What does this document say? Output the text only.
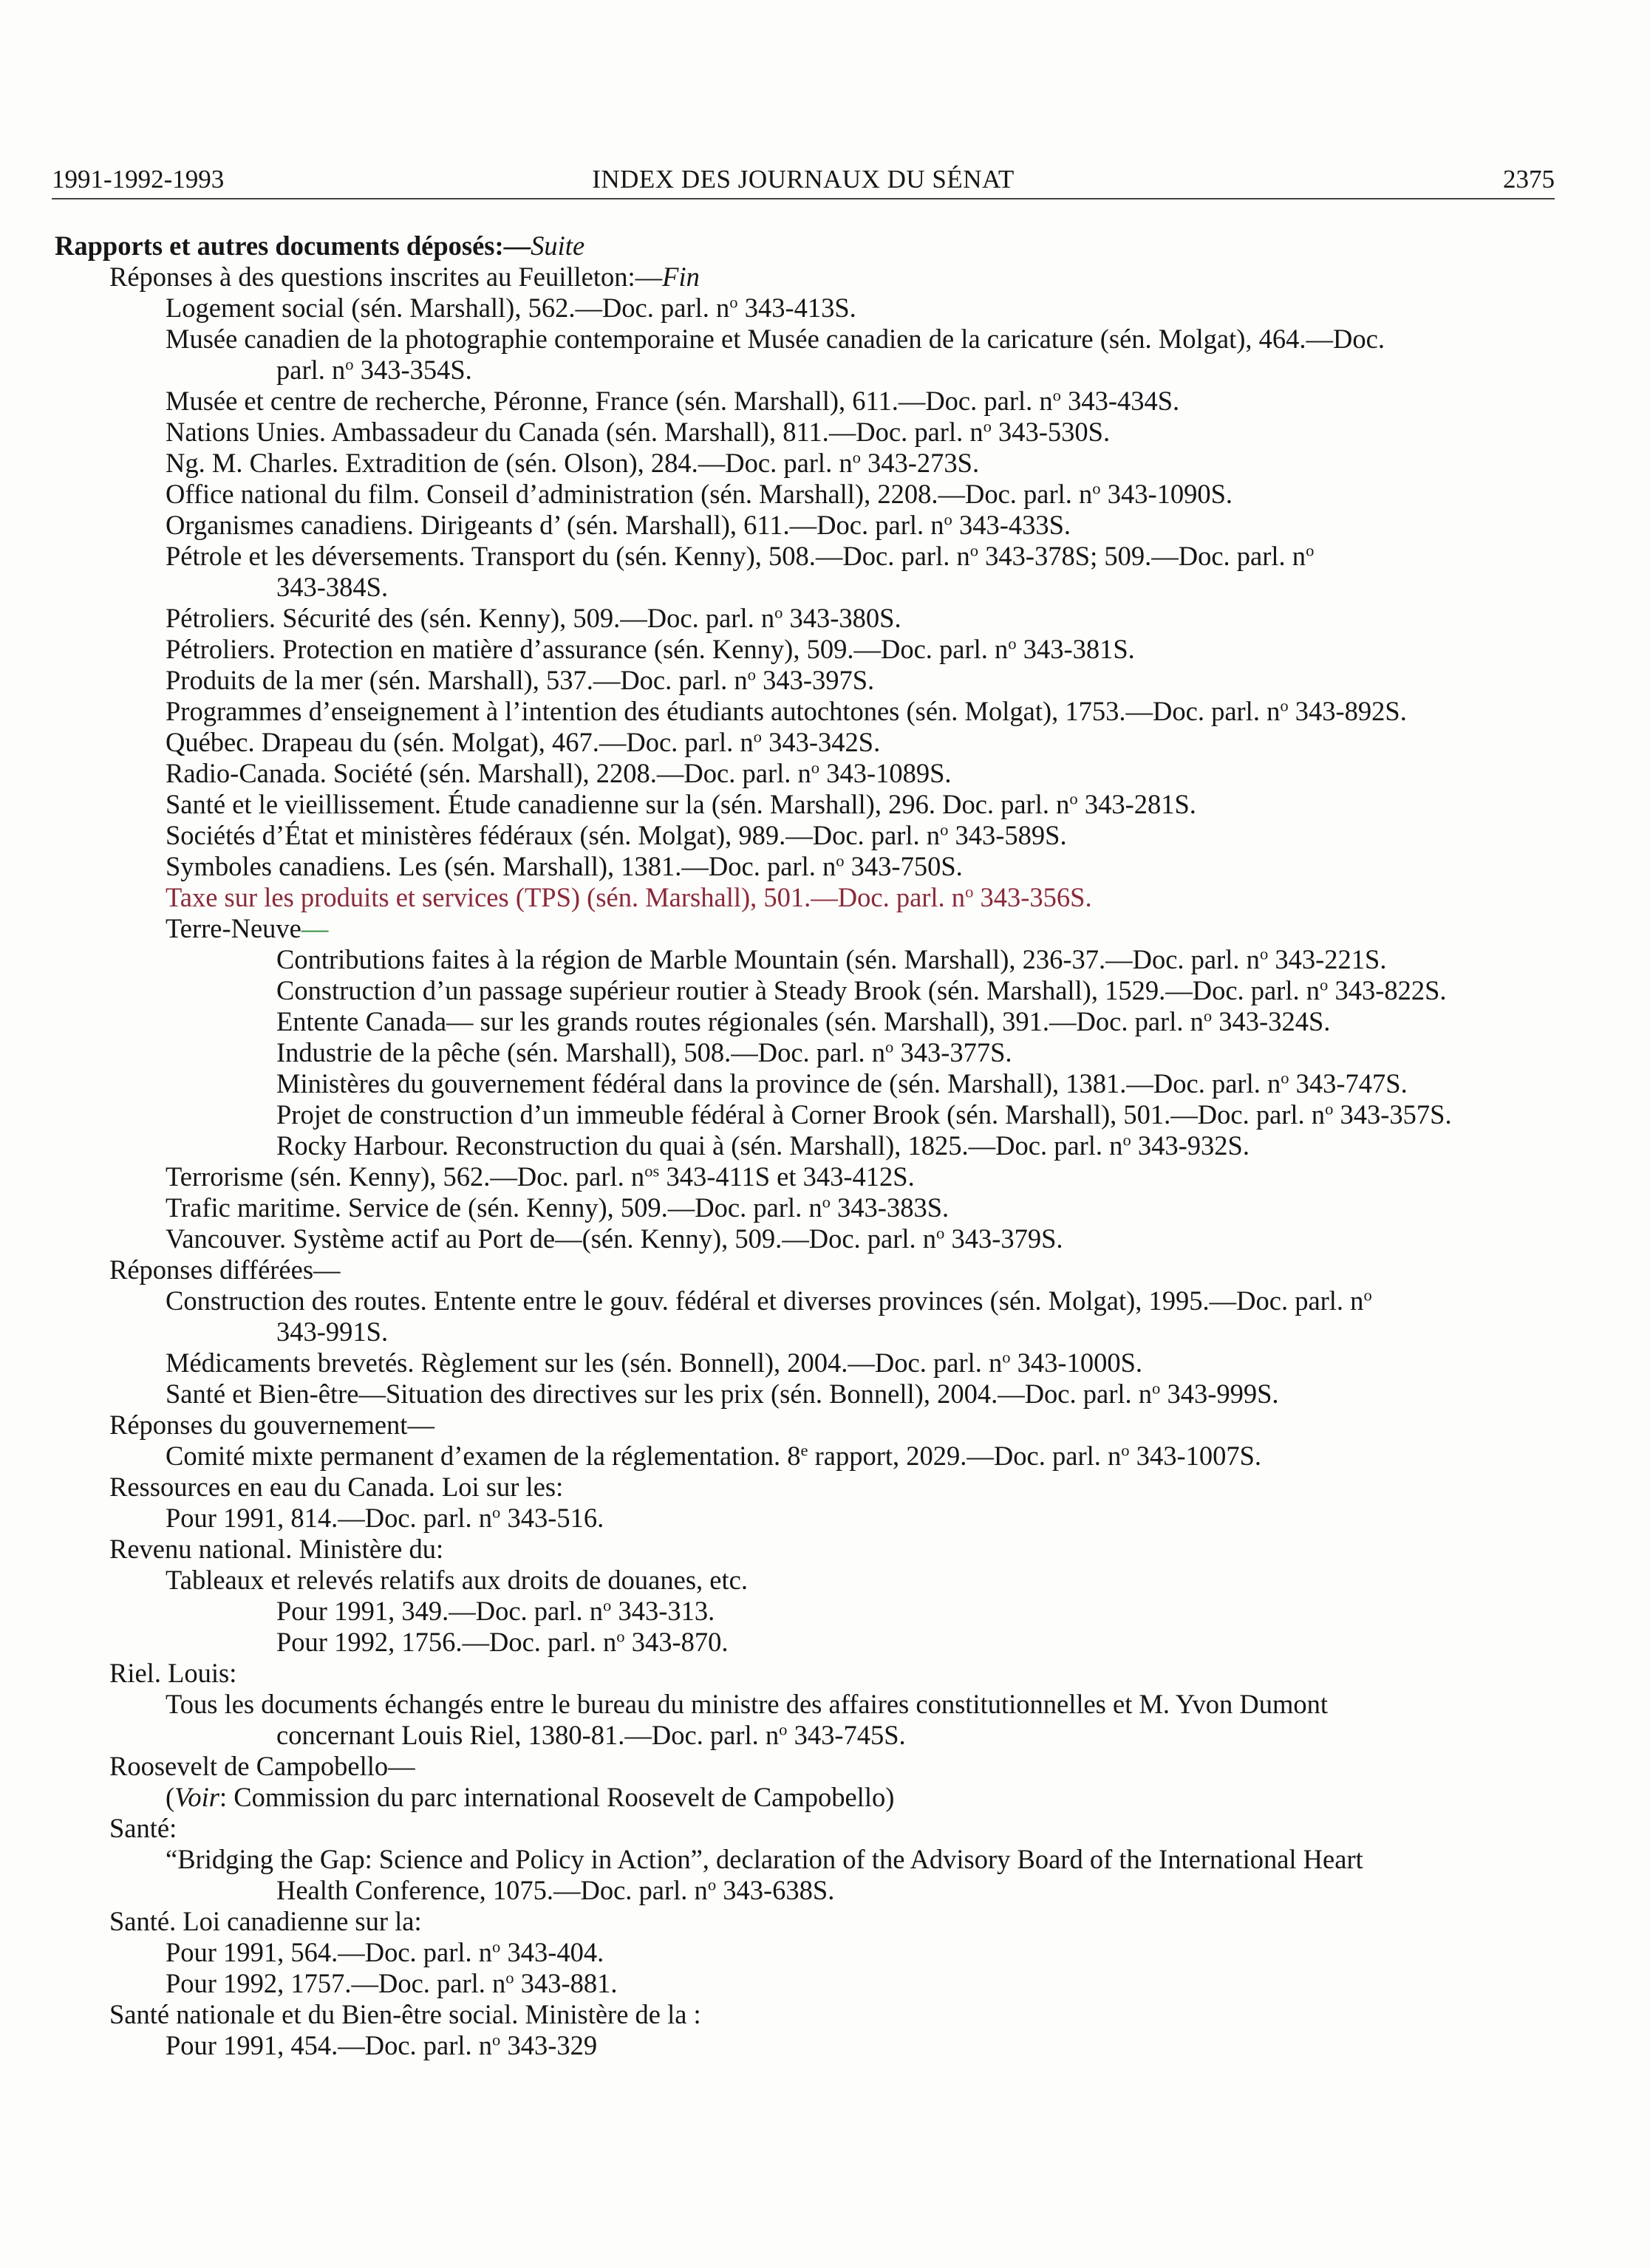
1991-1992-1993	INDEX DES JOURNAUX DU SÉNAT	2375
Rapports et autres documents déposés:—Suite
Réponses à des questions inscrites au Feuilleton:—Fin
Logement social (sén. Marshall), 562.—Doc. parl. $n^o$ 343-413S.
Musée canadien de la photographie contemporaine et Musée canadien de la caricature (sén. Molgat), 464.—Doc.
parl. $n^o$ 343-354S.
Musée et centre de recherche, Péronne, France (sén. Marshall), 611.—Doc. parl. $n^o$ 343-434S.
Nations Unies. Ambassadeur du Canada (sén. Marshall), 811.—Doc. parl. $n^o$ 343-530S.
Ng. M. Charles. Extradition de (sén. Olson), 284.—Doc. parl. $n^o$ 343-273S.
Office national du film. Conseil d’administration (sén. Marshall), 2208.—Doc. parl. $n^o$ 343-1090S.
Organismes canadiens. Dirigeants d’ (sén. Marshall), 611.—Doc. parl. $n^o$ 343-433S.
Pétrole et les déversements. Transport du (sén. Kenny), 508.—Doc. parl. $n^o$ 343-378S; 509.—Doc. parl. $n^o$
343-384S.
Pétroliers. Sécurité des (sén. Kenny), 509.—Doc. parl. $n^o$ 343-380S.
Pétroliers. Protection en matière d’assurance (sén. Kenny), 509.—Doc. parl. $n^o$ 343-381S.
Produits de la mer (sén. Marshall), 537.—Doc. parl. $n^o$ 343-397S.
Programmes d’enseignement à l’intention des étudiants autochtones (sén. Molgat), 1753.—Doc. parl. $n^o$ 343-892S.
Québec. Drapeau du (sén. Molgat), 467.—Doc. parl. $n^o$ 343-342S.
Radio-Canada. Société (sén. Marshall), 2208.—Doc. parl. $n^o$ 343-1089S.
Santé et le vieillissement. Étude canadienne sur la (sén. Marshall), 296. Doc. parl. $n^o$ 343-281S.
Sociétés d’État et ministères fédéraux (sén. Molgat), 989.—Doc. parl. $n^o$ 343-589S.
Symboles canadiens. Les (sén. Marshall), 1381.—Doc. parl. $n^o$ 343-750S.
Taxe sur les produits et services (TPS) (sén. Marshall), 501.—Doc. parl. $n^o$ 343-356S.
Terre-Neuve—
Contributions faites à la région de Marble Mountain (sén. Marshall), 236-37.—Doc. parl. $n^o$ 343-221S.
Construction d’un passage supérieur routier à Steady Brook (sén. Marshall), 1529.—Doc. parl. $n^o$ 343-822S.
Entente Canada— sur les grands routes régionales (sén. Marshall), 391.—Doc. parl. $n^o$ 343-324S.
Industrie de la pêche (sén. Marshall), 508.—Doc. parl. $n^o$ 343-377S.
Ministères du gouvernement fédéral dans la province de (sén. Marshall), 1381.—Doc. parl. $n^o$ 343-747S.
Projet de construction d’un immeuble fédéral à Corner Brook (sén. Marshall), 501.—Doc. parl. $n^o$ 343-357S.
Rocky Harbour. Reconstruction du quai à (sén. Marshall), 1825.—Doc. parl. $n^o$ 343-932S.
Terrorisme (sén. Kenny), 562.—Doc. parl. $n^{os}$ 343-411S et 343-412S.
Trafic maritime. Service de (sén. Kenny), 509.—Doc. parl. $n^o$ 343-383S.
Vancouver. Système actif au Port de—(sén. Kenny), 509.—Doc. parl. $n^o$ 343-379S.
Réponses différées—
Construction des routes. Entente entre le gouv. fédéral et diverses provinces (sén. Molgat), 1995.—Doc. parl. $n^o$
343-991S.
Médicaments brevetés. Règlement sur les (sén. Bonnell), 2004.—Doc. parl. $n^o$ 343-1000S.
Santé et Bien-être—Situation des directives sur les prix (sén. Bonnell), 2004.—Doc. parl. $n^o$ 343-999S.
Réponses du gouvernement—
Comité mixte permanent d’examen de la réglementation. 8e rapport, 2029.—Doc. parl. $n^o$ 343-1007S.
Ressources en eau du Canada. Loi sur les:
Pour 1991, 814.—Doc. parl. $n^o$ 343-516.
Revenu national. Ministère du:
Tableaux et relevés relatifs aux droits de douanes, etc.
Pour 1991, 349.—Doc. parl. $n^o$ 343-313.
Pour 1992, 1756.—Doc. parl. $n^o$ 343-870.
Riel. Louis:
Tous les documents échangés entre le bureau du ministre des affaires constitutionnelles et M. Yvon Dumont
concernant Louis Riel, 1380-81.—Doc. parl. $n^o$ 343-745S.
Roosevelt de Campobello—
(Voir: Commission du parc international Roosevelt de Campobello)
Santé:
“Bridging the Gap: Science and Policy in Action”, declaration of the Advisory Board of the International Heart
Health Conference, 1075.—Doc. parl. $n^o$ 343-638S.
Santé. Loi canadienne sur la:
Pour 1991, 564.—Doc. parl. $n^o$ 343-404.
Pour 1992, 1757.—Doc. parl. $n^o$ 343-881.
Santé nationale et du Bien-être social. Ministère de la :
Pour 1991, 454.—Doc. parl. $n^o$ 343-329
